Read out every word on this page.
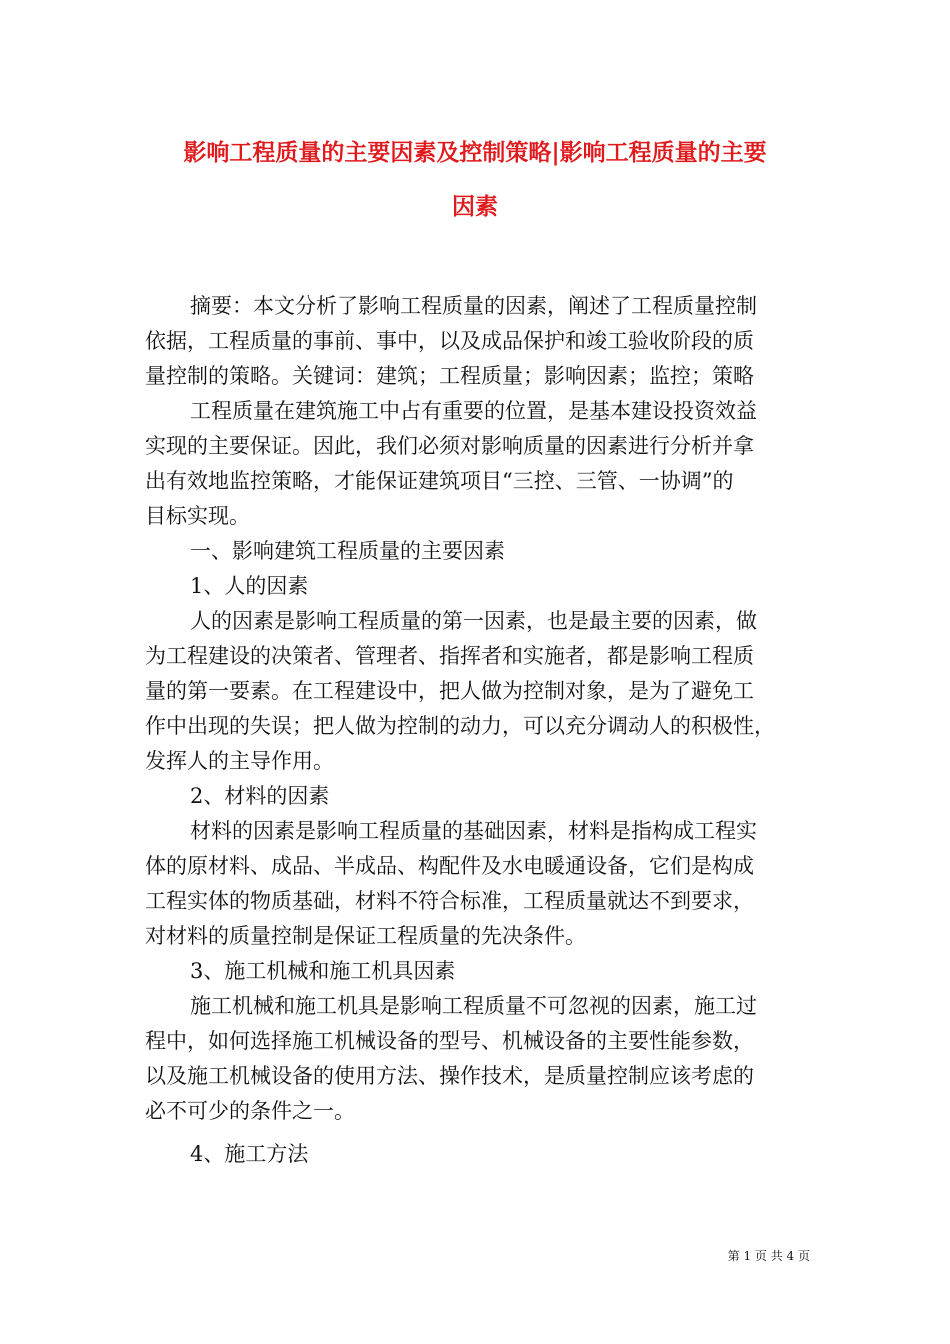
影响工程质量的主要因素及控制策略|影响工程质量的主要
因素
摘要：本文分析了影响工程质量的因素，阐述了工程质量控制
依据，工程质量的事前、事中，以及成品保护和竣工验收阶段的质
量控制的策略。关键词：建筑；工程质量；影响因素；监控；策略
工程质量在建筑施工中占有重要的位置，是基本建设投资效益
实现的主要保证。因此，我们必须对影响质量的因素进行分析并拿
出有效地监控策略，才能保证建筑项目“三控、三管、一协调”的
目标实现。
一、影响建筑工程质量的主要因素
1、人的因素
人的因素是影响工程质量的第一因素，也是最主要的因素，做
为工程建设的决策者、管理者、指挥者和实施者，都是影响工程质
量的第一要素。在工程建设中，把人做为控制对象，是为了避免工
作中出现的失误；把人做为控制的动力，可以充分调动人的积极性，
发挥人的主导作用。
2、材料的因素
材料的因素是影响工程质量的基础因素，材料是指构成工程实
体的原材料、成品、半成品、构配件及水电暖通设备，它们是构成
工程实体的物质基础，材料不符合标准，工程质量就达不到要求，
对材料的质量控制是保证工程质量的先决条件。
3、施工机械和施工机具因素
施工机械和施工机具是影响工程质量不可忽视的因素，施工过
程中，如何选择施工机械设备的型号、机械设备的主要性能参数，
以及施工机械设备的使用方法、操作技术，是质量控制应该考虑的
必不可少的条件之一。
4、施工方法
第 1 页 共 4 页
